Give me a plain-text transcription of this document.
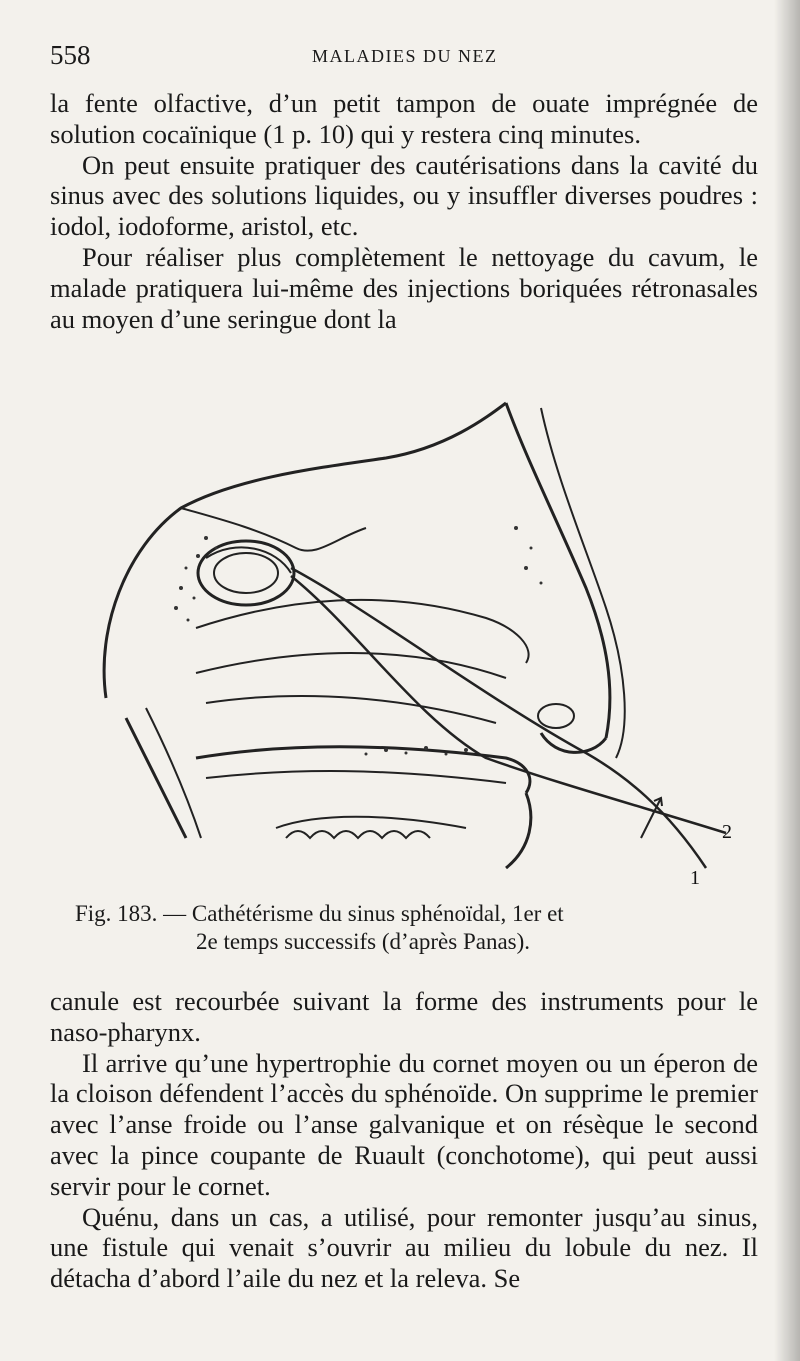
558	MALADIES DU NEZ

la fente olfactive, d’un petit tampon de ouate imprégnée de solution cocaïnique (1 p. 10) qui y restera cinq minutes.

On peut ensuite pratiquer des cautérisations dans la cavité du sinus avec des solutions liquides, ou y insuffler diverses poudres : iodol, iodoforme, aristol, etc.

Pour réaliser plus complètement le nettoyage du cavum, le malade pratiquera lui-même des injections boriquées rétronasales au moyen d’une seringue dont la

2
1
Fig. 183. — Cathétérisme du sinus sphénoïdal, 1er et
2e temps successifs (d’après Panas).

canule est recourbée suivant la forme des instruments pour le naso-pharynx.

Il arrive qu’une hypertrophie du cornet moyen ou un éperon de la cloison défendent l’accès du sphénoïde. On supprime le premier avec l’anse froide ou l’anse galvanique et on résèque le second avec la pince coupante de Ruault (conchotome), qui peut aussi servir pour le cornet.

Quénu, dans un cas, a utilisé, pour remonter jusqu’au sinus, une fistule qui venait s’ouvrir au milieu du lobule du nez. Il détacha d’abord l’aile du nez et la releva. Se
